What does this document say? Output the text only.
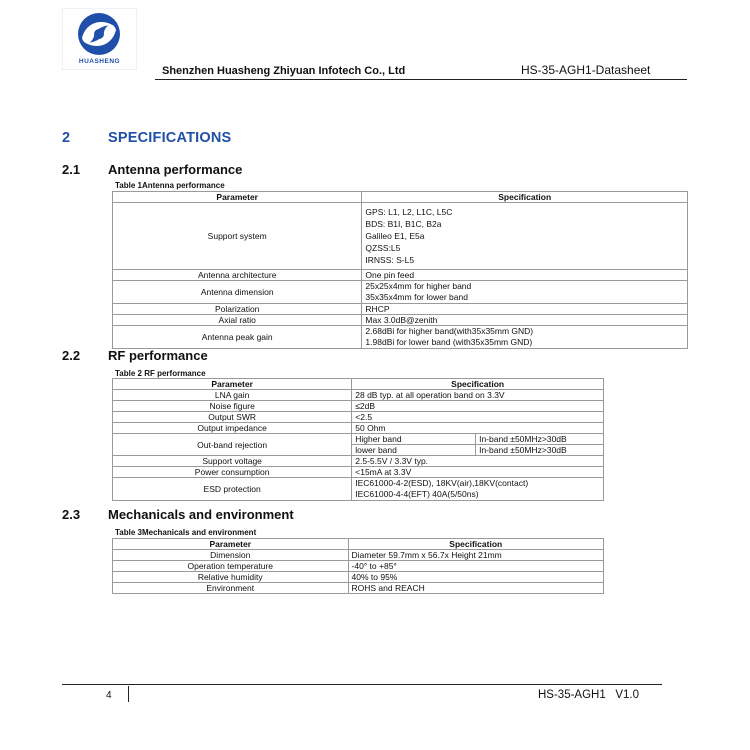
HUASHENG
Shenzhen Huasheng Zhiyuan Infotech Co., Ltd	HS-35-AGH1-Datasheet
2	SPECIFICATIONS
2.1 Antenna performance
Table 1Antenna performance
Parameter	Specification
Support system	GPS: L1, L2, L1C, L5C
BDS: B1I, B1C, B2a
Galileo E1, E5a
QZSS:L5
IRNSS: S-L5

Antenna architecture	One pin feed
Antenna dimension	25x25x4mm for higher band
35x35x4mm for lower band

Polarization	RHCP
Axial ratio	Max 3.0dB@zenith
Antenna peak gain	2.68dBi for higher band(with35x35mm GND)
1.98dBi for lower band (with35x35mm GND)
2.2 RF performance
Table 2 RF performance
Parameter	Specification	
LNA gain	28 dB typ. at all operation band on 3.3V	
Noise figure	≤2dB	
Output SWR	<2.5	
Output impedance	50 Ohm	
Out-band rejection	Higher band	In-band ±50MHz>30dB
	lower band	In-band ±50MHz>30dB
Support voltage	2.5-5.5V / 3.3V typ.	
Power consumption	<15mA at 3.3V	
ESD protection	IEC61000-4-2(ESD), 18KV(air),18KV(contact)
IEC61000-4-4(EFT) 40A(5/50ns)	
2.3 Mechanicals and environment
Table 3Mechanicals and environment
Parameter	Specification
Dimension	Diameter 59.7mm x 56.7x Height 21mm
Operation temperature	-40° to +85°
Relative humidity	40% to 95%
Environment	ROHS and REACH
4	HS-35-AGH1   V1.0
